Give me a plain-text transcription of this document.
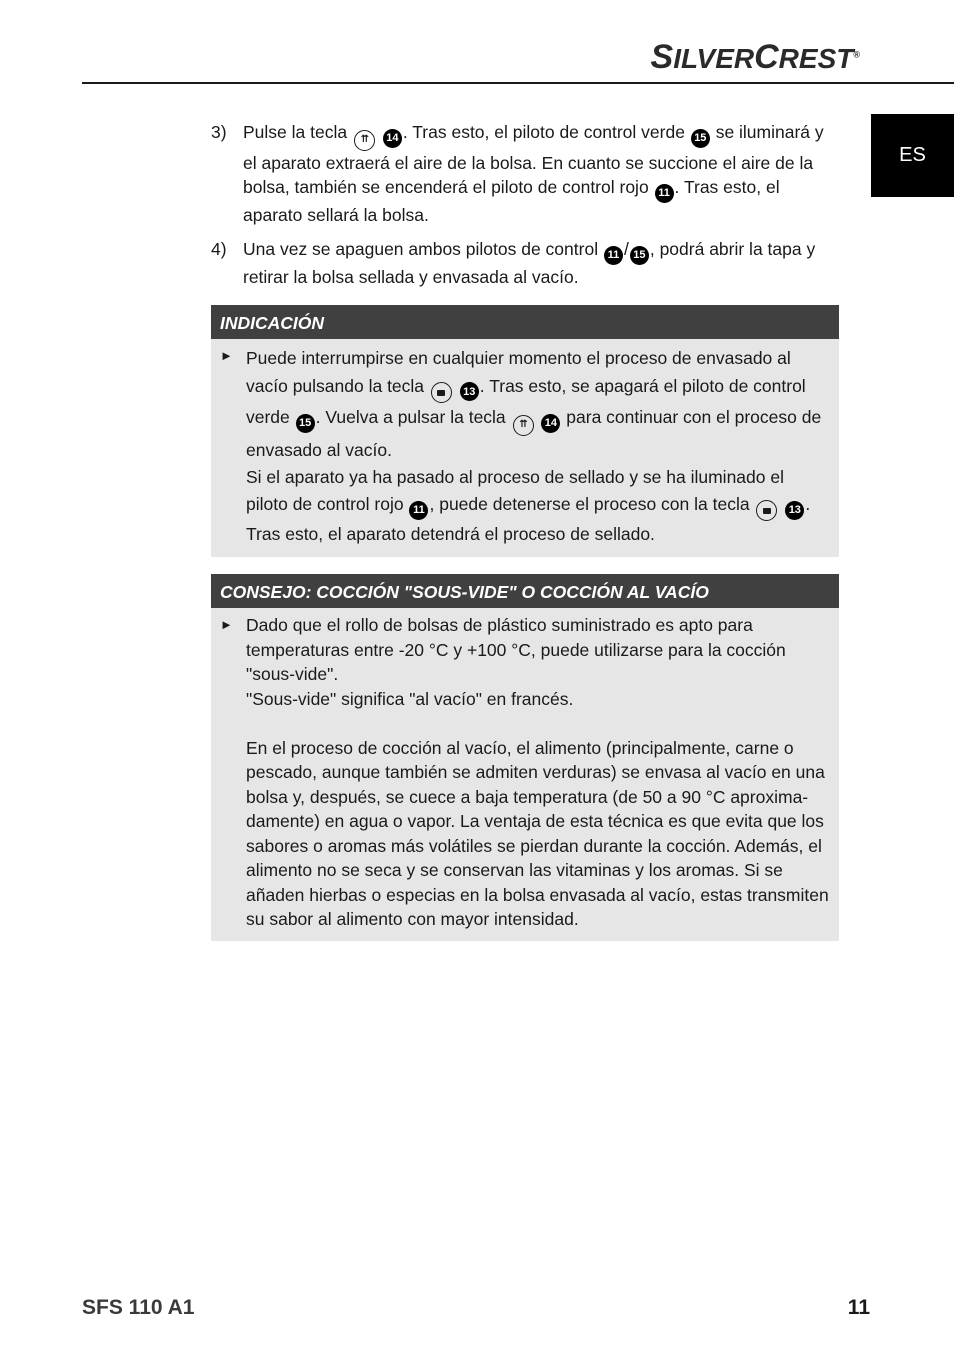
SILVERCREST®
ES
3) Pulse la tecla ⇈ 14 . Tras esto, el piloto de control verde 15 se iluminará y el aparato extraerá el aire de la bolsa. En cuanto se succione el aire de la bolsa, también se encenderá el piloto de control rojo 11 . Tras esto, el aparato sellará la bolsa.
4) Una vez se apaguen ambos pilotos de control 11 / 15 , podrá abrir la tapa y retirar la bolsa sellada y envasada al vacío.
INDICACIÓN
► Puede interrumpirse en cualquier momento el proceso de envasado al vacío pulsando la tecla	13 . Tras esto, se apagará el piloto de control verde 15 . Vuelva a pulsar la tecla ⇈ 14 para continuar con el proceso de envasado al vacío.

Si el aparato ya ha pasado al proceso de sellado y se ha iluminado el piloto de control rojo 11 , puede detenerse el proceso con la tecla	13 . Tras esto, el aparato detendrá el proceso de sellado.

CONSEJO: COCCIÓN "SOUS-VIDE" O COCCIÓN AL VACÍO
► Dado que el rollo de bolsas de plástico suministrado es apto para temperaturas entre -20 °C y +100 °C, puede utilizarse para la cocción "sous-vide".

"Sous-vide" significa "al vacío" en francés.

En el proceso de cocción al vacío, el alimento (principalmente, carne o pescado, aunque también se admiten verduras) se envasa al vacío en una bolsa y, después, se cuece a baja temperatura (de 50 a 90 °C aproxima-damente) en agua o vapor. La ventaja de esta técnica es que evita que los sabores o aromas más volátiles se pierdan durante la cocción. Además, el alimento no se seca y se conservan las vitaminas y los aromas. Si se añaden hierbas o especias en la bolsa envasada al vacío, estas transmiten su sabor al alimento con mayor intensidad.

SFS 110 A1	11
